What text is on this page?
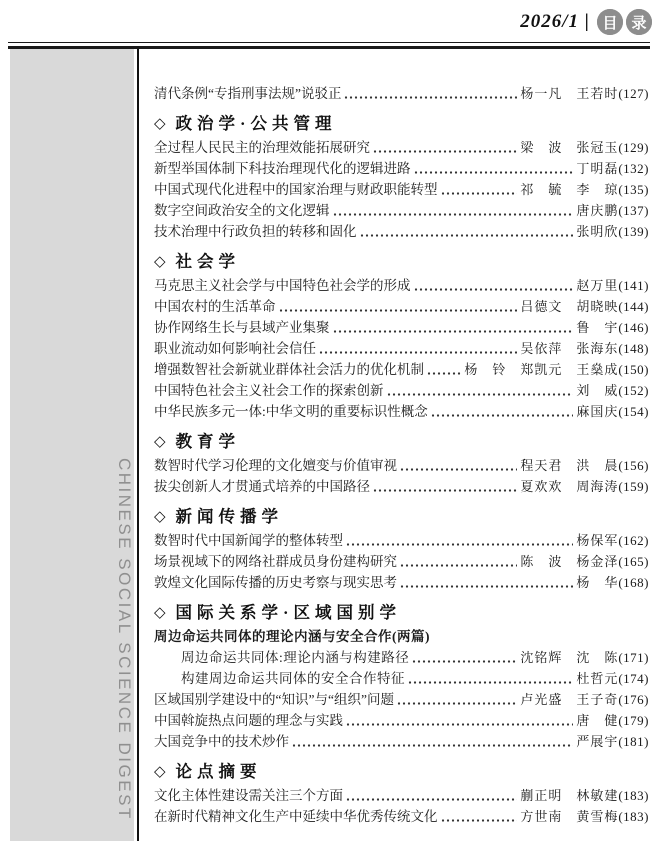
2026/1 | 目 录
CHINESE SOCIAL SCIENCE DIGEST
清代条例“专指刑事法规”说驳正	杨一凡　王若时 (127)
◇ 政治学·公共管理
全过程人民民主的治理效能拓展研究	梁　波　张冠玉 (129)
新型举国体制下科技治理现代化的逻辑进路	丁明磊 (132)
中国式现代化进程中的国家治理与财政职能转型	祁　毓　李　琼 (135)
数字空间政治安全的文化逻辑	唐庆鹏 (137)
技术治理中行政负担的转移和固化	张明欣 (139)
◇ 社会学
马克思主义社会学与中国特色社会学的形成	赵万里 (141)
中国农村的生活革命	吕德文　胡晓映 (144)
协作网络生长与县域产业集聚	鲁　宇 (146)
职业流动如何影响社会信任	吴依萍　张海东 (148)
增强数智社会新就业群体社会活力的优化机制	杨　铃　郑凯元　王燊成 (150)
中国特色社会主义社会工作的探索创新	刘　威 (152)
中华民族多元一体:中华文明的重要标识性概念	麻国庆 (154)
◇ 教育学
数智时代学习伦理的文化嬗变与价值审视	程天君　洪　晨 (156)
拔尖创新人才贯通式培养的中国路径	夏欢欢　周海涛 (159)
◇ 新闻传播学
数智时代中国新闻学的整体转型	杨保军 (162)
场景视域下的网络社群成员身份建构研究	陈　波　杨金泽 (165)
敦煌文化国际传播的历史考察与现实思考	杨　华 (168)
◇ 国际关系学·区域国别学
周边命运共同体的理论内涵与安全合作(两篇)
周边命运共同体:理论内涵与构建路径	沈铭辉　沈　陈 (171)
构建周边命运共同体的安全合作特征	杜哲元 (174)
区域国别学建设中的“知识”与“组织”问题	卢光盛　王子奇 (176)
中国斡旋热点问题的理念与实践	唐　健 (179)
大国竞争中的技术炒作	严展宇 (181)
◇ 论点摘要
文化主体性建设需关注三个方面	蒯正明　林敏建 (183)
在新时代精神文化生产中延续中华优秀传统文化	方世南　黄雪梅 (183)
